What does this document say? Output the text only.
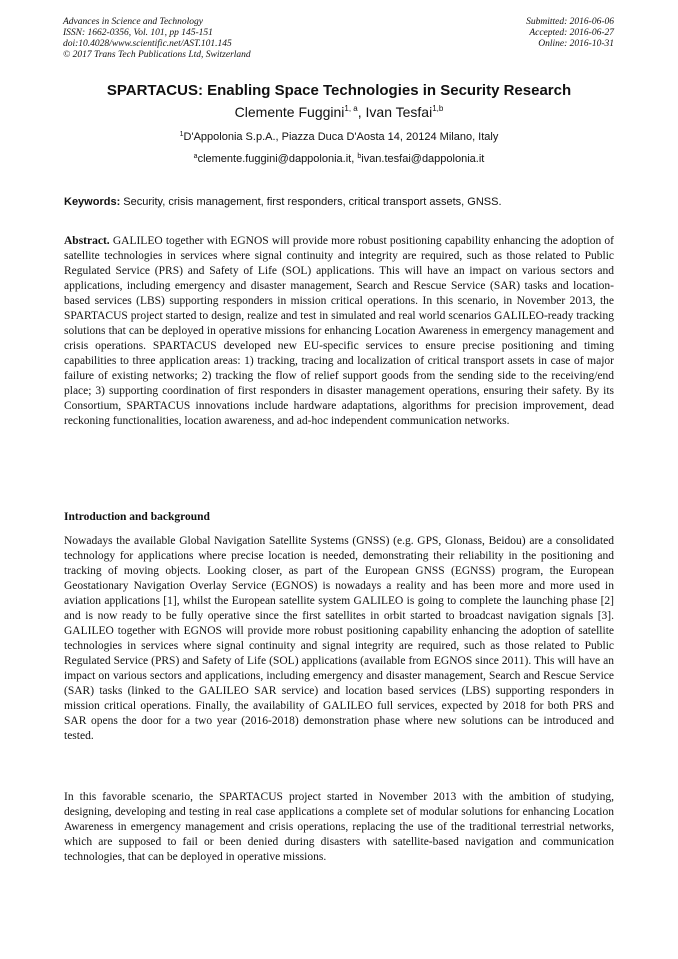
Advances in Science and Technology
ISSN: 1662-0356, Vol. 101, pp 145-151
doi:10.4028/www.scientific.net/AST.101.145
© 2017 Trans Tech Publications Ltd, Switzerland
Submitted: 2016-06-06
Accepted: 2016-06-27
Online: 2016-10-31
SPARTACUS: Enabling Space Technologies in Security Research
Clemente Fuggini$^{1, a}$, Ivan Tesfai$^{1,b}$
$^1$D'Appolonia S.p.A., Piazza Duca D'Aosta 14, 20124 Milano, Italy
$^a$clemente.fuggini@dappolonia.it, $^b$ivan.tesfai@dappolonia.it
Keywords: Security, crisis management, first responders, critical transport assets, GNSS.

Abstract. GALILEO together with EGNOS will provide more robust positioning capability enhancing the adoption of satellite technologies in services where signal continuity and integrity are required, such as those related to Public Regulated Service (PRS) and Safety of Life (SOL) applications. This will have an impact on various sectors and applications, including emergency and disaster management, Search and Rescue Service (SAR) tasks and location-based services (LBS) supporting responders in mission critical operations. In this scenario, in November 2013, the SPARTACUS project started to design, realize and test in simulated and real world scenarios GALILEO-ready tracking solutions that can be deployed in operative missions for enhancing Location Awareness in emergency management and crisis operations. SPARTACUS developed new EU-specific services to ensure precise positioning and timing capabilities to three application areas: 1) tracking, tracing and localization of critical transport assets in case of major failure of existing networks; 2) tracking the flow of relief support goods from the sending side to the receiving/end place; 3) supporting coordination of first responders in disaster management operations, ensuring their safety. By its Consortium, SPARTACUS innovations include hardware adaptations, algorithms for precision improvement, dead reckoning functionalities, location awareness, and ad-hoc independent communication networks.

Introduction and background

Nowadays the available Global Navigation Satellite Systems (GNSS) (e.g. GPS, Glonass, Beidou) are a consolidated technology for applications where precise location is needed, demonstrating their reliability in the positioning and tracking of moving objects. Looking closer, as part of the European GNSS (EGNSS) program, the European Geostationary Navigation Overlay Service (EGNOS) is nowadays a reality and has been more and more used in aviation applications [1], whilst the European satellite system GALILEO is going to complete the launching phase [2] and is now ready to be fully operative since the first satellites in orbit started to broadcast navigation signals [3]. GALILEO together with EGNOS will provide more robust positioning capability enhancing the adoption of satellite technologies in services where signal continuity and signal integrity are required, such as those related to Public Regulated Service (PRS) and Safety of Life (SOL) applications (available from EGNOS since 2011). This will have an impact on various sectors and applications, including emergency and disaster management, Search and Rescue Service (SAR) tasks (linked to the GALILEO SAR service) and location based services (LBS) supporting responders in mission critical operations. Finally, the availability of GALILEO full services, expected by 2018 for both PRS and SAR opens the door for a two year (2016-2018) demonstration phase where new solutions can be introduced and tested.

In this favorable scenario, the SPARTACUS project started in November 2013 with the ambition of studying, designing, developing and testing in real case applications a complete set of modular solutions for enhancing Location Awareness in emergency management and crisis operations, replacing the use of the traditional terrestrial networks, which are supposed to fail or been denied during disasters with satellite-based navigation and communication technologies, that can be deployed in operative missions.
